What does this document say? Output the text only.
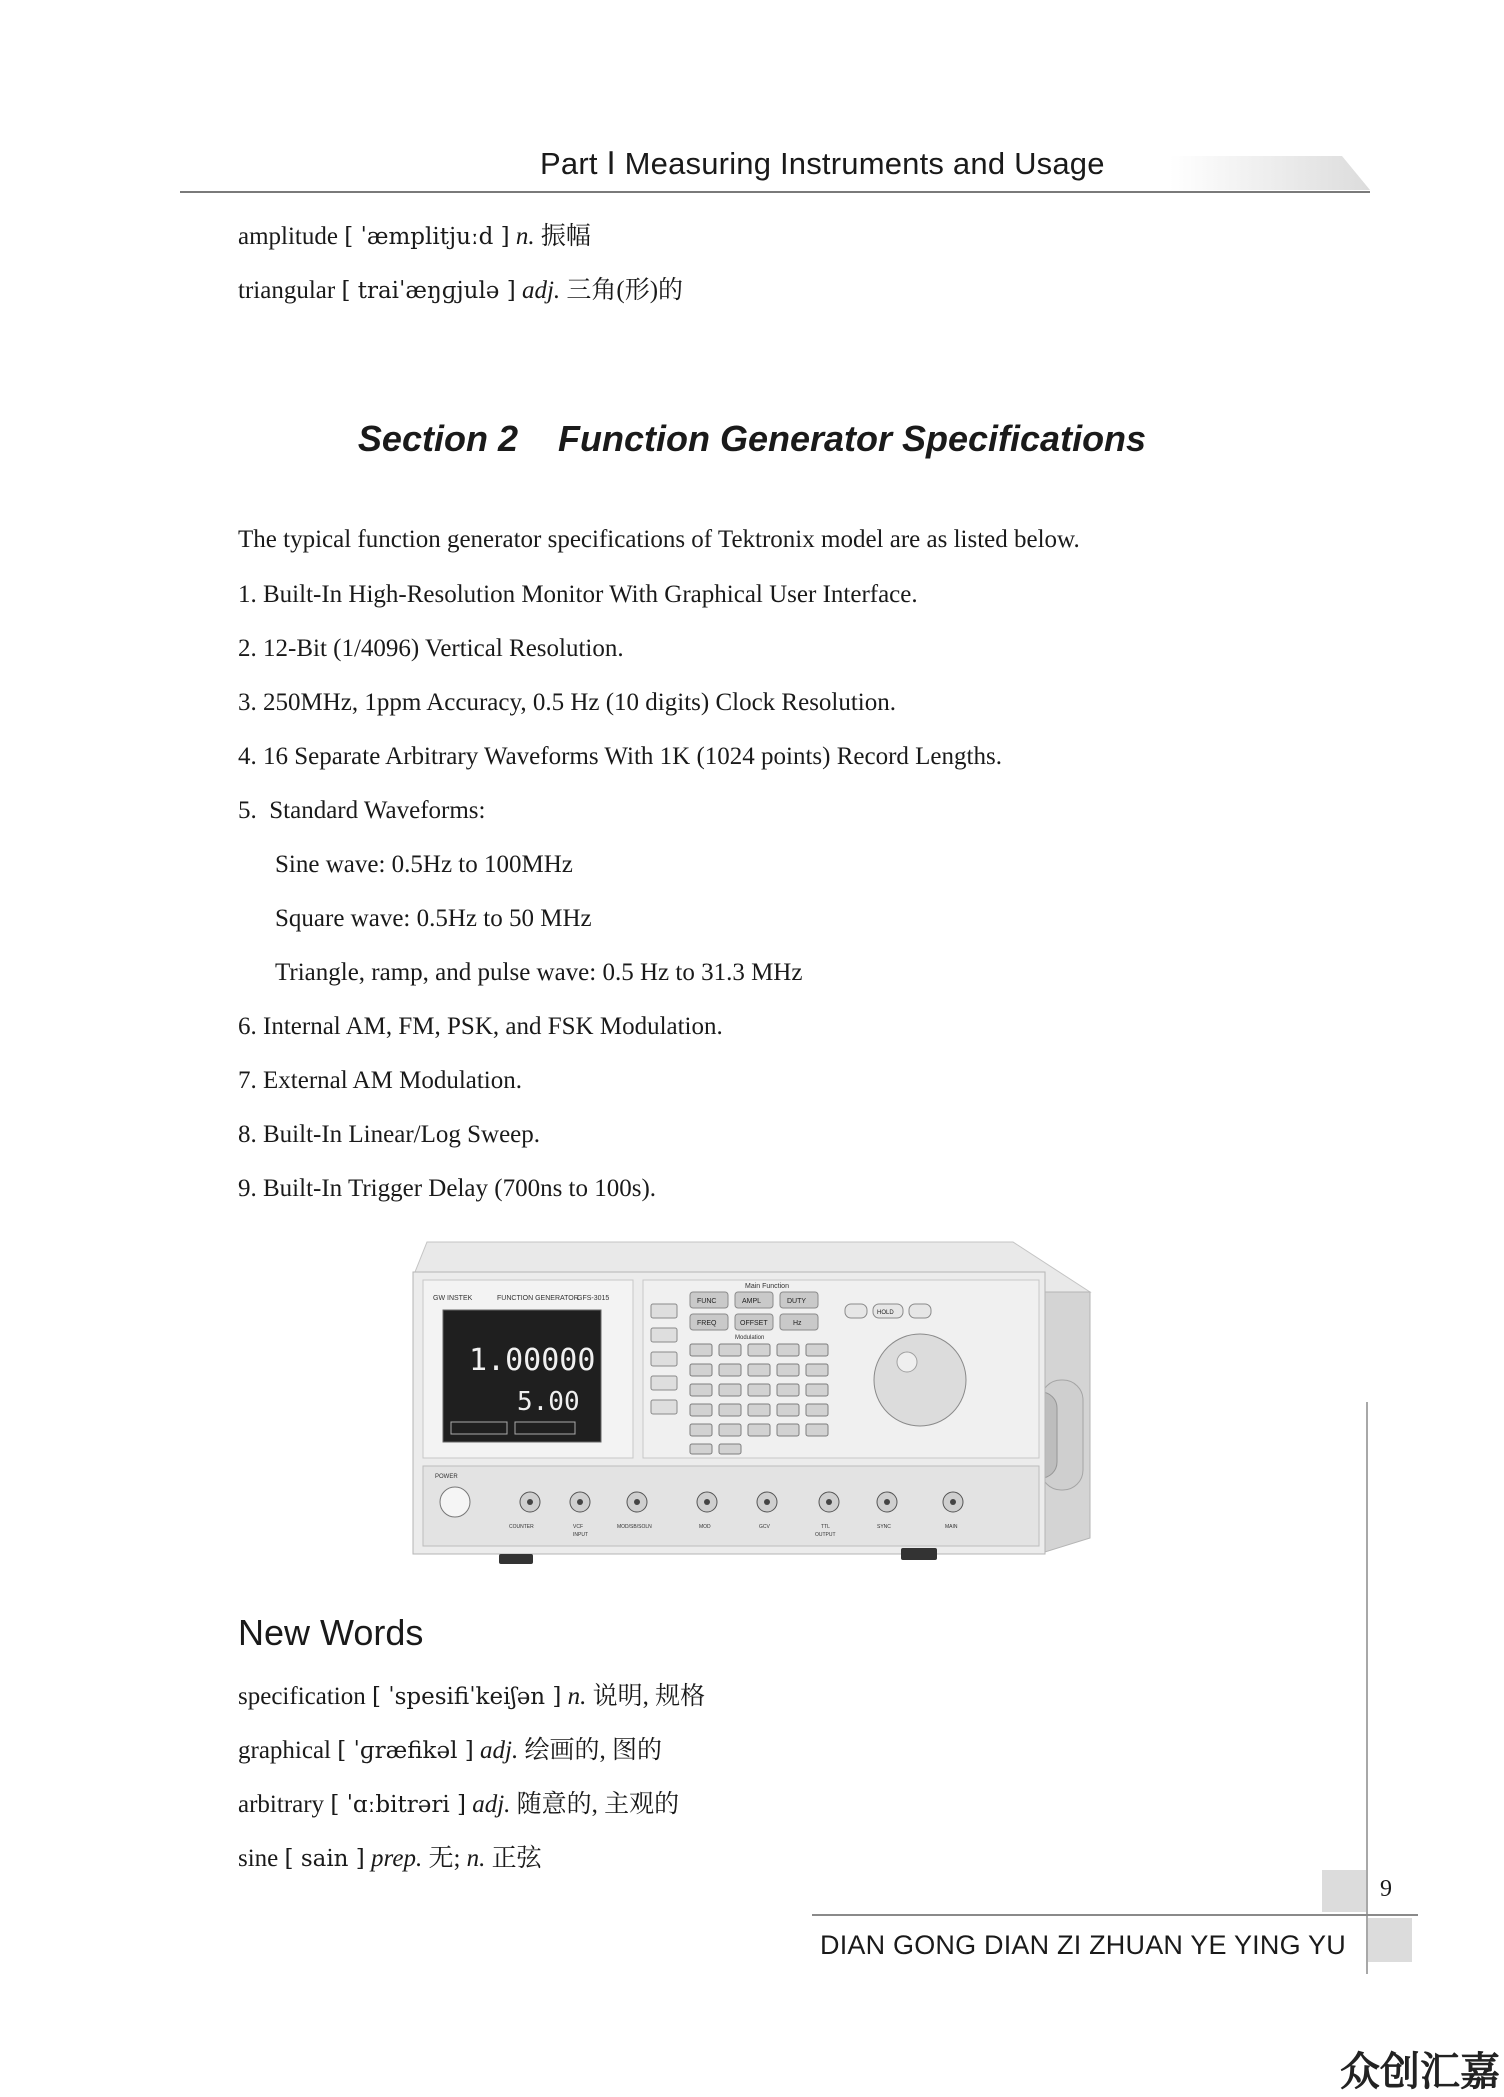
Part Ⅰ Measuring Instruments and Usage
amplitude [ ˈæmplitjuːd ] n. 振幅
triangular [ traiˈæŋɡjulə ] adj. 三角(形)的
Section 2    Function Generator Specifications
The typical function generator specifications of Tektronix model are as listed below.
1. Built-In High-Resolution Monitor With Graphical User Interface.
2. 12-Bit (1/4096) Vertical Resolution.
3. 250MHz, 1ppm Accuracy, 0.5 Hz (10 digits) Clock Resolution.
4. 16 Separate Arbitrary Waveforms With 1K (1024 points) Record Lengths.
5.  Standard Waveforms:
Sine wave: 0.5Hz to 100MHz
Square wave: 0.5Hz to 50 MHz
Triangle, ramp, and pulse wave: 0.5 Hz to 31.3 MHz
6. Internal AM, FM, PSK, and FSK Modulation.
7. External AM Modulation.
8. Built-In Linear/Log Sweep.
9. Built-In Trigger Delay (700ns to 100s).
GW INSTEK	FUNCTION GENERATOR
GFS-3015
1.00000
5.00
Main Function
FUNC	AMPL	DUTY
FREQ	OFFSET	Hz
Modulation
HOLD
POWER
COUNTER	VCF
INPUT
MOD/SB/SOLN	MOD	GCV	TTL
OUTPUT
SYNC	MAIN
New Words
specification [ ˈspesifiˈkeiʃən ] n. 说明, 规格
graphical [ ˈɡræfikəl ] adj. 绘画的, 图的
arbitrary [ ˈɑːbitrəri ] adj. 随意的, 主观的
sine [ sain ] prep. 无; n. 正弦
9
DIAN GONG DIAN ZI ZHUAN YE YING YU
众创汇嘉
